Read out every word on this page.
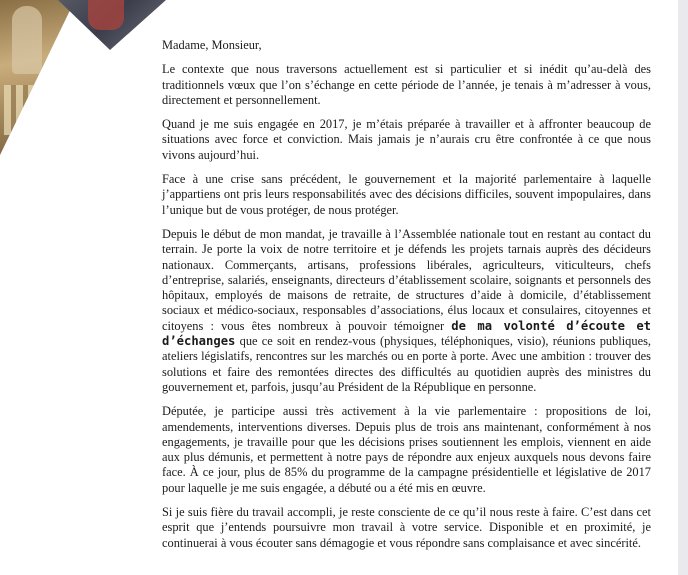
Madame, Monsieur,

Le contexte que nous traversons actuellement est si particulier et si inédit qu’au-delà des traditionnels vœux que l’on s’échange en cette période de l’année, je tenais à m’adresser à vous, directement et personnellement.

Quand je me suis engagée en 2017, je m’étais préparée à travailler et à affronter beaucoup de situations avec force et conviction. Mais jamais je n’aurais cru être confrontée à ce que nous vivons aujourd’hui.

Face à une crise sans précédent, le gouvernement et la majorité parlementaire à laquelle j’appartiens ont pris leurs responsabilités avec des décisions difficiles, souvent impopulaires, dans l’unique but de vous protéger, de nous protéger.

Depuis le début de mon mandat, je travaille à l’Assemblée nationale tout en restant au contact du terrain. Je porte la voix de notre territoire et je défends les projets tarnais auprès des décideurs nationaux. Commerçants, artisans, professions libérales, agriculteurs, viticulteurs, chefs d’entreprise, salariés, enseignants, directeurs d’établissement scolaire, soignants et personnels des hôpitaux, employés de maisons de retraite, de structures d’aide à domicile, d’établissement sociaux et médico-sociaux, responsables d’associations, élus locaux et consulaires, citoyennes et citoyens : vous êtes nombreux à pouvoir témoigner de ma volonté d’écoute et d’échanges que ce soit en rendez-vous (physiques, téléphoniques, visio), réunions publiques, ateliers législatifs, rencontres sur les marchés ou en porte à porte. Avec une ambition : trouver des solutions et faire des remontées directes des difficultés au quotidien auprès des ministres du gouvernement et, parfois, jusqu’au Président de la République en personne.

Députée, je participe aussi très activement à la vie parlementaire : propositions de loi, amendements, interventions diverses. Depuis plus de trois ans maintenant, conformément à nos engagements, je travaille pour que les décisions prises soutiennent les emplois, viennent en aide aux plus démunis, et permettent à notre pays de répondre aux enjeux auxquels nous devons faire face. À ce jour, plus de 85% du programme de la campagne présidentielle et législative de 2017 pour laquelle je me suis engagée, a débuté ou a été mis en œuvre.

Si je suis fière du travail accompli, je reste consciente de ce qu’il nous reste à faire. C’est dans cet esprit que j’entends poursuivre mon travail à votre service. Disponible et en proximité, je continuerai à vous écouter sans démagogie et vous répondre sans complaisance et avec sincérité.
